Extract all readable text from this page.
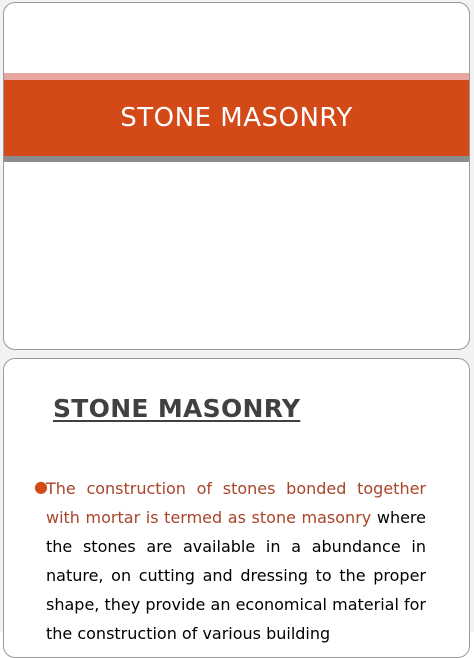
STONE MASONRY
STONE MASONRY
●
The construction of stones bonded together with mortar is termed as stone masonry where the stones are available in a abundance in nature, on cutting and dressing to the proper shape, they provide an economical material for the construction of various building
